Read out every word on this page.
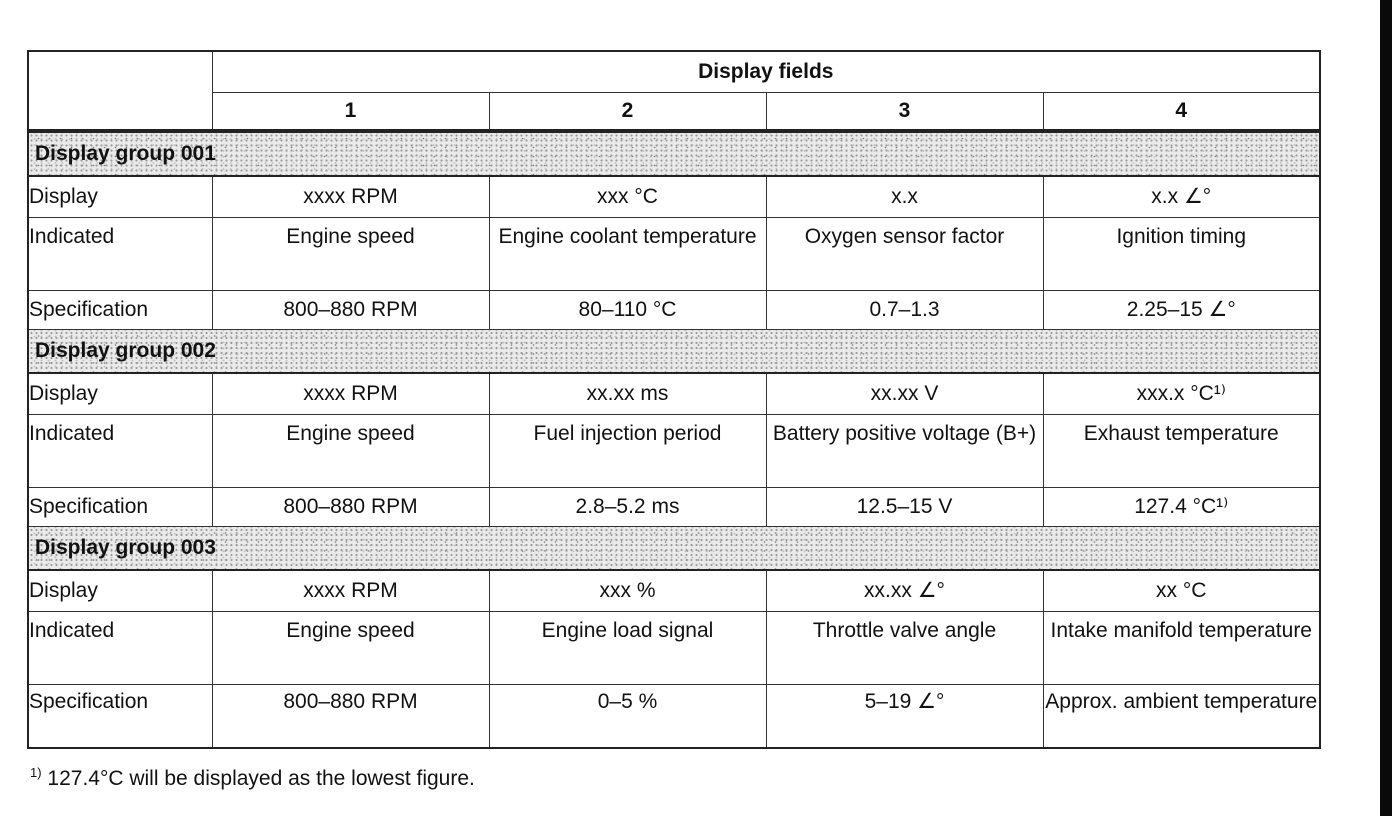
	Display fields			
	1	2	3	4
Display group 001				
Display	xxxx RPM	xxx °C	x.x	x.x ∠°
Indicated	Engine speed	Engine coolant temperature	Oxygen sensor factor	Ignition timing
Specification	800–880 RPM	80–110 °C	0.7–1.3	2.25–15 ∠°
Display group 002				
Display	xxxx RPM	xx.xx ms	xx.xx V	xxx.x °C¹⁾
Indicated	Engine speed	Fuel injection period	Battery positive voltage (B+)	Exhaust temperature
Specification	800–880 RPM	2.8–5.2 ms	12.5–15 V	127.4 °C¹⁾
Display group 003				
Display	xxxx RPM	xxx %	xx.xx ∠°	xx °C
Indicated	Engine speed	Engine load signal	Throttle valve angle	Intake manifold temperature
Specification	800–880 RPM	0–5 %	5–19 ∠°	Approx. ambient temperature
$^{1)}$ 127.4°C will be displayed as the lowest figure.
